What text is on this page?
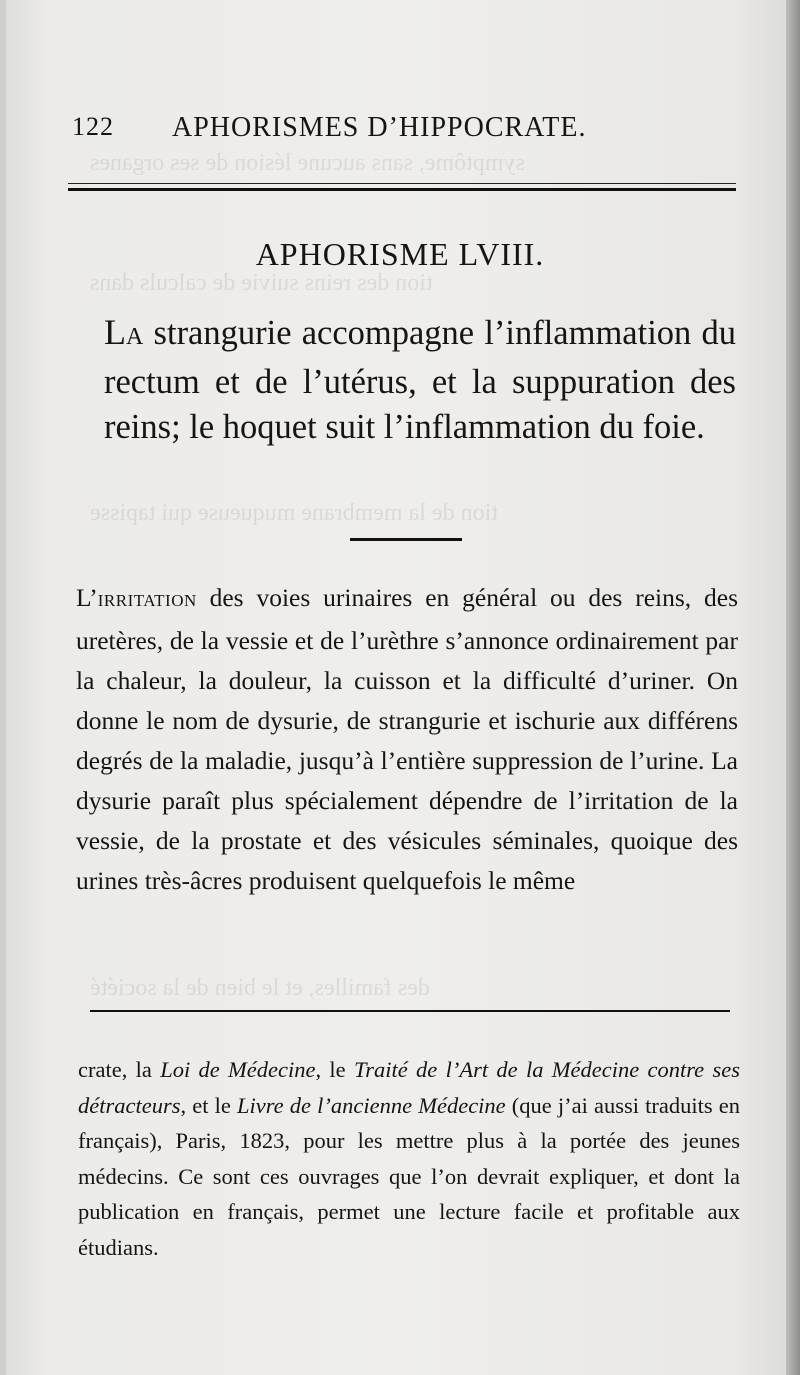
symptôme, sans aucune lésion de ses organes
tion des reins suivie de calculs dans
tion de la membrane muqueuse qui tapisse
des familles, et le bien de la société
122 APHORISMES D’HIPPOCRATE.
APHORISME LVIII.
LA strangurie accompagne l’inflammation du rectum et de l’utérus, et la suppuration des reins; le hoquet suit l’inflammation du foie.
L’IRRITATION des voies urinaires en général ou des reins, des uretères, de la vessie et de l’urèthre s’annonce ordinairement par la chaleur, la douleur, la cuisson et la difficulté d’uriner. On donne le nom de dysurie, de strangurie et ischurie aux différens degrés de la maladie, jusqu’à l’entière suppression de l’urine. La dysurie paraît plus spécialement dépendre de l’irritation de la vessie, de la prostate et des vésicules séminales, quoique des urines très-âcres produisent quelquefois le même
crate, la Loi de Médecine, le Traité de l’Art de la Médecine contre ses détracteurs, et le Livre de l’ancienne Médecine (que j’ai aussi traduits en français), Paris, 1823, pour les mettre plus à la portée des jeunes médecins. Ce sont ces ouvrages que l’on devrait expliquer, et dont la publication en français, permet une lecture facile et profitable aux étudians.
